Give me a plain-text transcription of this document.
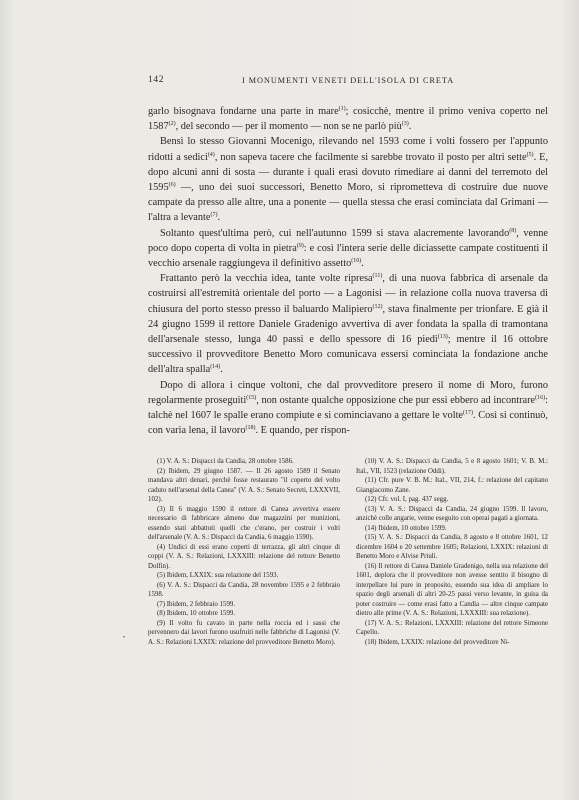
142	I MONUMENTI VENETI DELL'ISOLA DI CRETA

garlo bisognava fondarne una parte in mare$^{(1)}$; cosicchè, mentre il primo veniva coperto nel 1587$^{(2)}$, del secondo — per il momento — non se ne parlò più$^{(3)}$.

Bensì lo stesso Giovanni Mocenigo, rilevando nel 1593 come i volti fossero per l'appunto ridotti a sedici$^{(4)}$, non sapeva tacere che facilmente si sarebbe trovato il posto per altri sette$^{(5)}$. E, dopo alcuni anni di sosta — durante i quali erasi dovuto rimediare ai danni del terremoto del 1595$^{(6)}$ —, uno dei suoi successori, Benetto Moro, si riprometteva di costruire due nuove campate da presso alle altre, una a ponente — quella stessa che erasi cominciata dal Grimani — l'altra a levante$^{(7)}$.

Soltanto quest'ultima però, cui nell'autunno 1599 si stava alacremente lavorando$^{(8)}$, venne poco dopo coperta di volta in pietra$^{(9)}$: e così l'intera serie delle diciassette campate costituenti il vecchio arsenale raggiungeva il definitivo assetto$^{(10)}$.

Frattanto però la vecchia idea, tante volte ripresa$^{(11)}$, di una nuova fabbrica di arsenale da costruirsi all'estremità orientale del porto — a Lagonisi — in relazione colla nuova traversa di chiusura del porto stesso presso il baluardo Malipiero$^{(12)}$, stava finalmente per trionfare. E già il 24 giugno 1599 il rettore Daniele Gradenigo avvertiva di aver fondata la spalla di tramontana dell'arsenale stesso, lunga 40 passi e dello spessore di 16 piedi$^{(13)}$; mentre il 16 ottobre successivo il provveditore Benetto Moro comunicava essersi cominciata la fondazione anche dell'altra spalla$^{(14)}$.

Dopo di allora i cinque voltoni, che dal provveditore presero il nome di Moro, furono regolarmente proseguiti$^{(15)}$, non ostante qualche opposizione che pur essi ebbero ad incontrare$^{(16)}$: talchè nel 1607 le spalle erano compiute e si cominciavano a gettare le volte$^{(17)}$. Così si continuò, con varia lena, il lavoro$^{(18)}$. E quando, per rispon-

(1) V. A. S.: Dispacci da Candia, 28 ottobre 1586.

(2) Ibidem, 29 giugno 1587. — Il 26 agosto 1589 il Senato mandava altri denari, perchè fosse restaurato "il coperto del volto caduto nell'arsenal della Canea" (V. A. S.: Senato Secreti, LXXXVII, 102).

(3) Il 6 maggio 1590 il rettore di Canea avvertiva essere necessario di fabbricare almeno due magazzini per munizioni, essendo stati abbattuti quelli che c'erano, per costruir i volti dell'arsenale (V. A. S.: Dispacci da Candia, 6 maggio 1590).

(4) Undici di essi erano coperti di terrazza, gli altri cinque di coppi (V. A. S.: Relazioni, LXXXIII: relazione del rettore Benetto Dolfin).

(5) Ibidem, LXXIX: sua relazione del 1593.

(6) V. A. S.: Dispacci da Candia, 28 novembre 1595 e 2 febbraio 1598.

(7) Ibidem, 2 febbraio 1599.

(8) Ibidem, 10 ottobre 1599.

(9) Il volto fu cavato in parte nella roccia ed i sassi che pervennero dai lavori furono usufruiti nelle fabbriche di Lagonisi (V. A. S.: Relazioni LXXIX: relazione del provveditore Benetto Moro).

(10) V. A. S.: Dispacci da Candia, 5 e 8 agosto 1601; V. B. M.: Ital., VII, 1523 (relazione Oddi).

(11) Cfr. pure V. B. M.: Ital., VII, 214, f.: relazione del capitano Giangiacomo Zane.

(12) Cfr. vol. I, pag. 437 segg.

(13) V. A. S.: Dispacci da Candia, 24 giugno 1599. Il lavoro, anzichè colle angarie, venne eseguito con operai pagati a giornata.

(14) Ibidem, 10 ottobre 1599.

(15) V. A. S.: Dispacci da Candia, 8 agosto e 8 ottobre 1601, 12 dicembre 1604 e 20 settembre 1605; Relazioni, LXXIX: relazioni di Benetto Moro e Alvise Priuli.

(16) Il rettore di Canea Daniele Gradenigo, nella sua relazione del 1601, deplora che il provveditore non avesse sentito il bisogno di interpellare lui pure in proposito, essendo sua idea di ampliare lo spazio degli arsenali di altri 20-25 passi verso levante, in guisa da poter costruire — come erasi fatto a Candia — altre cinque campate dietro alle prime (V. A. S.: Relazioni, LXXXIII: sua relazione).

(17) V. A. S.: Relazioni, LXXXIII: relazione del rettore Simeone Capello.

(18) Ibidem, LXXIX: relazione del provveditore Ni-

•
